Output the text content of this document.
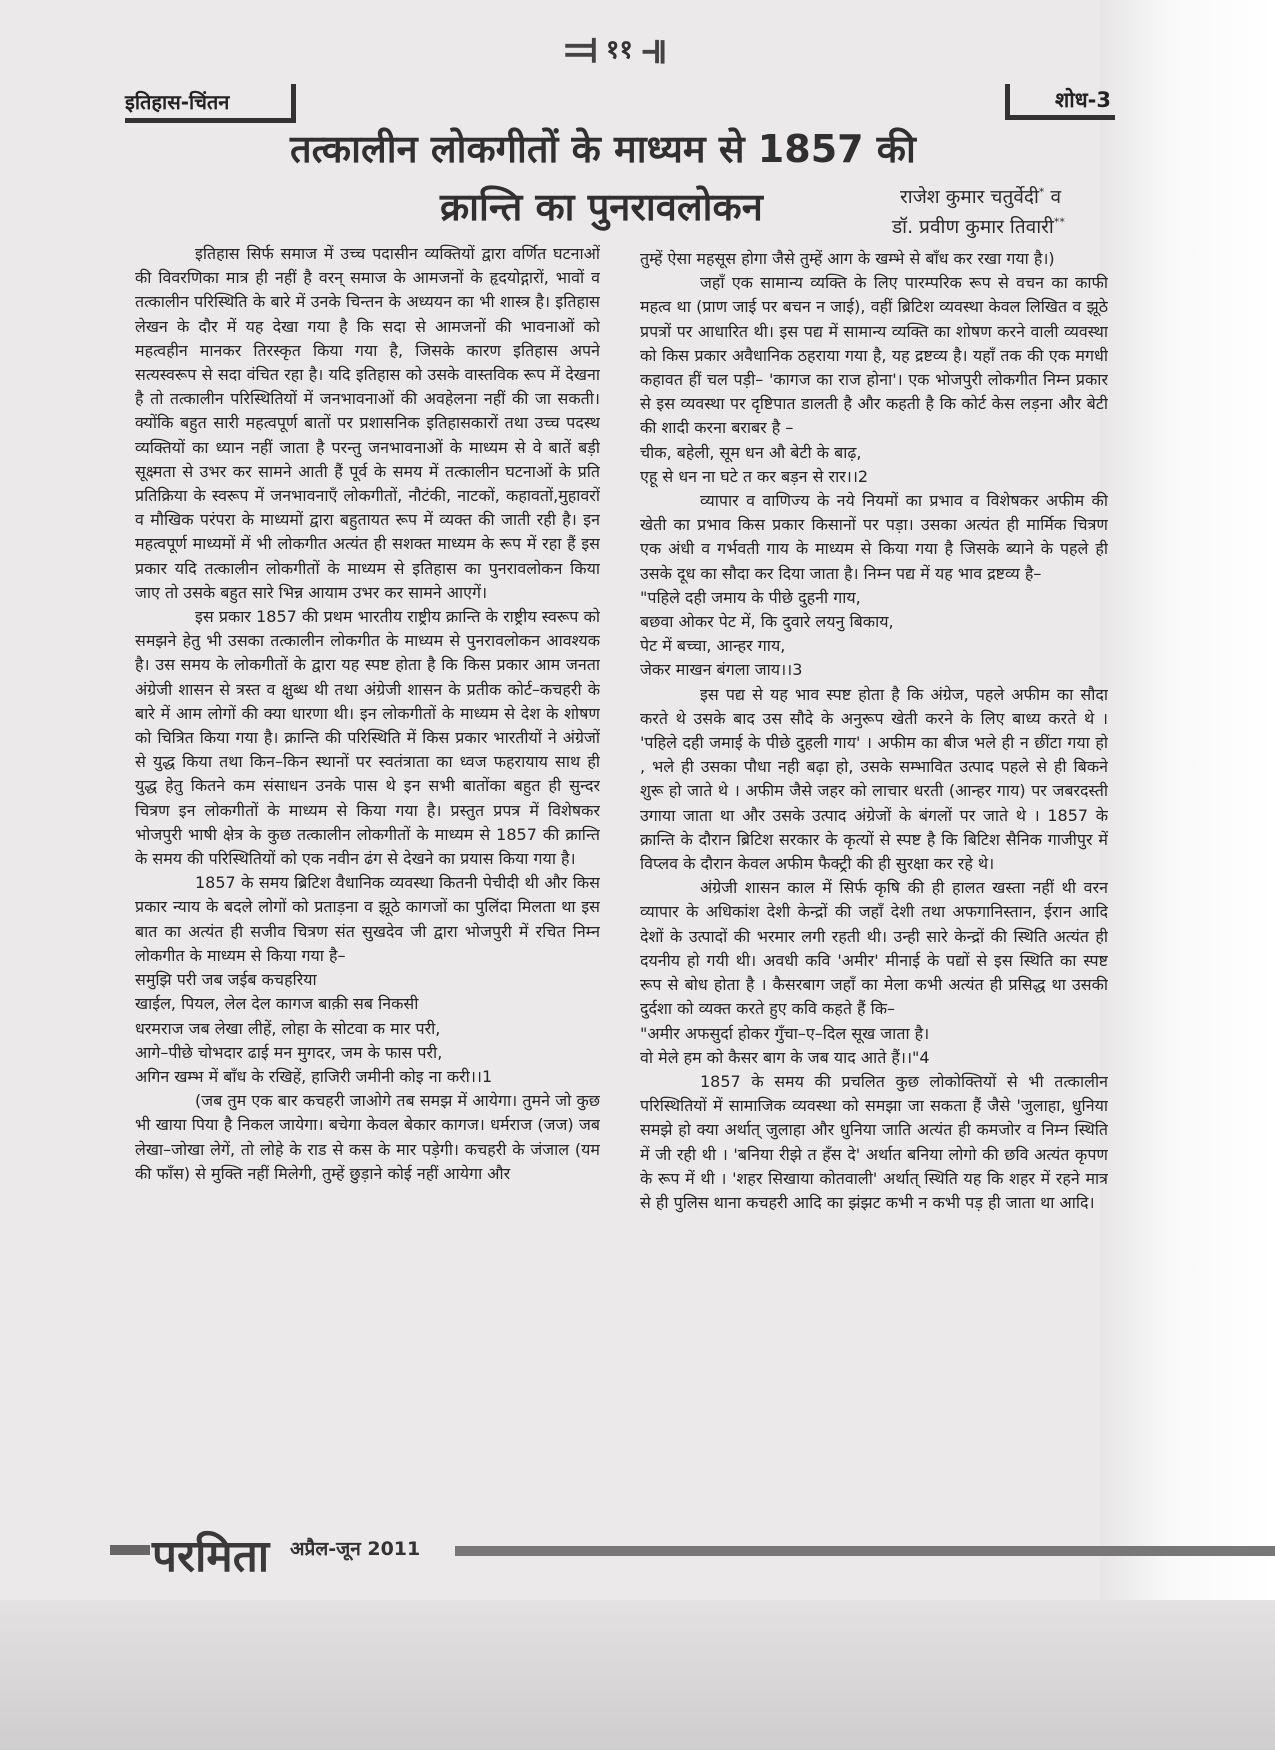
⫤ ११ ⫣
इतिहास-चिंतन	शोध-3
तत्कालीन लोकगीतों के माध्यम से 1857 की
क्रान्ति का पुनरावलोकन	राजेश कुमार चतुर्वेदी* व
डॉ. प्रवीण कुमार तिवारी**

इतिहास सिर्फ समाज में उच्च पदासीन व्यक्तियों द्वारा वर्णित घटनाओं की विवरणिका मात्र ही नहीं है वरन् समाज के आमजनों के हृदयोद्गारों, भावों व तत्कालीन परिस्थिति के बारे में उनके चिन्तन के अध्ययन का भी शास्त्र है। इतिहास लेखन के दौर में यह देखा गया है कि सदा से आमजनों की भावनाओं को महत्वहीन मानकर तिरस्कृत किया गया है, जिसके कारण इतिहास अपने सत्यस्वरूप से सदा वंचित रहा है। यदि इतिहास को उसके वास्तविक रूप में देखना है तो तत्कालीन परिस्थितियों में जनभावनाओं की अवहेलना नहीं की जा सकती। क्योंकि बहुत सारी महत्वपूर्ण बातों पर प्रशासनिक इतिहासकारों तथा उच्च पदस्थ व्यक्तियों का ध्यान नहीं जाता है परन्तु जनभावनाओं के माध्यम से वे बातें बड़ी सूक्ष्मता से उभर कर सामने आती हैं पूर्व के समय में तत्कालीन घटनाओं के प्रति प्रतिक्रिया के स्वरूप में जनभावनाएँ लोकगीतों, नौटंकी, नाटकों, कहावतों,मुहावरों व मौखिक परंपरा के माध्यमों द्वारा बहुतायत रूप में व्यक्त की जाती रही है। इन महत्वपूर्ण माध्यमों में भी लोकगीत अत्यंत ही सशक्त माध्यम के रूप में रहा हैं इस प्रकार यदि तत्कालीन लोकगीतों के माध्यम से इतिहास का पुनरावलोकन किया जाए तो उसके बहुत सारे भिन्न आयाम उभर कर सामने आएगें।

इस प्रकार 1857 की प्रथम भारतीय राष्ट्रीय क्रान्ति के राष्ट्रीय स्वरूप को समझने हेतु भी उसका तत्कालीन लोकगीत के माध्यम से पुनरावलोकन आवश्यक है। उस समय के लोकगीतों के द्वारा यह स्पष्ट होता है कि किस प्रकार आम जनता अंग्रेजी शासन से त्रस्त व क्षुब्ध थी तथा अंग्रेजी शासन के प्रतीक कोर्ट–कचहरी के बारे में आम लोगों की क्या धारणा थी। इन लोकगीतों के माध्यम से देश के शोषण को चित्रित किया गया है। क्रान्ति की परिस्थिति में किस प्रकार भारतीयों ने अंग्रेजों से युद्ध किया तथा किन–किन स्थानों पर स्वतंत्राता का ध्वज फहरायाय साथ ही युद्ध हेतु कितने कम संसाधन उनके पास थे इन सभी बातोंका बहुत ही सुन्दर चित्रण इन लोकगीतों के माध्यम से किया गया है। प्रस्तुत प्रपत्र में विशेषकर भोजपुरी भाषी क्षेत्र के कुछ तत्कालीन लोकगीतों के माध्यम से 1857 की क्रान्ति के समय की परिस्थितियों को एक नवीन ढंग से देखने का प्रयास किया गया है।

1857 के समय ब्रिटिश वैधानिक व्यवस्था कितनी पेचीदी थी और किस प्रकार न्याय के बदले लोगों को प्रताड़ना व झूठे कागजों का पुलिंदा मिलता था इस बात का अत्यंत ही सजीव चित्रण संत सुखदेव जी द्वारा भोजपुरी में रचित निम्न लोकगीत के माध्यम से किया गया है–

समुझि परी जब जईब कचहरिया
खाईल, पियल, लेल देल कागज बाक़ी सब निकसी
धरमराज जब लेखा लीहें, लोहा के सोटवा क मार परी,
आगे–पीछे चोभदार ढाई मन मुगदर, जम के फास परी,
अगिन खम्भ में बाँध के रखिहें, हाजिरी जमीनी कोइ ना करी।।1

(जब तुम एक बार कचहरी जाओगे तब समझ में आयेगा। तुमने जो कुछ भी खाया पिया है निकल जायेगा। बचेगा केवल बेकार कागज। धर्मराज (जज) जब लेखा–जोखा लेगें, तो लोहे के राड से कस के मार पड़ेगी। कचहरी के जंजाल (यम की फाँस) से मुक्ति नहीं मिलेगी, तुम्हें छुड़ाने कोई नहीं आयेगा और

तुम्हें ऐसा महसूस होगा जैसे तुम्हें आग के खम्भे से बाँध कर रखा गया है।)

जहाँ एक सामान्य व्यक्ति के लिए पारम्परिक रूप से वचन का काफी महत्व था (प्राण जाई पर बचन न जाई), वहीं ब्रिटिश व्यवस्था केवल लिखित व झूठे प्रपत्रों पर आधारित थी। इस पद्य में सामान्य व्यक्ति का शोषण करने वाली व्यवस्था को किस प्रकार अवैधानिक ठहराया गया है, यह द्रष्टव्य है। यहाँ तक की एक मगधी कहावत हीं चल पड़ी– 'कागज का राज होना'। एक भोजपुरी लोकगीत निम्न प्रकार से इस व्यवस्था पर दृष्टिपात डालती है और कहती है कि कोर्ट केस लड़ना और बेटी की शादी करना बराबर है –

चीक, बहेली, सूम धन औ बेटी के बाढ़,
एहू से धन ना घटे त कर बड़न से रार।।2

व्यापार व वाणिज्य के नये नियमों का प्रभाव व विशेषकर अफीम की खेती का प्रभाव किस प्रकार किसानों पर पड़ा। उसका अत्यंत ही मार्मिक चित्रण एक अंधी व गर्भवती गाय के माध्यम से किया गया है जिसके ब्याने के पहले ही उसके दूध का सौदा कर दिया जाता है। निम्न पद्य में यह भाव द्रष्टव्य है–

"पहिले दही जमाय के पीछे दुहनी गाय,
बछवा ओकर पेट में, कि दुवारे लयनु बिकाय,
पेट में बच्चा, आन्हर गाय,
जेकर माखन बंगला जाय।।3

इस पद्य से यह भाव स्पष्ट होता है कि अंग्रेज, पहले अफीम का सौदा करते थे उसके बाद उस सौदे के अनुरूप खेती करने के लिए बाध्य करते थे । 'पहिले दही जमाई के पीछे दुहली गाय' । अफीम का बीज भले ही न छींटा गया हो , भले ही उसका पौधा नही बढ़ा हो, उसके सम्भावित उत्पाद पहले से ही बिकने शुरू हो जाते थे । अफीम जैसे जहर को लाचार धरती (आन्हर गाय) पर जबरदस्ती उगाया जाता था और उसके उत्पाद अंग्रेजों के बंगलों पर जाते थे । 1857 के क्रान्ति के दौरान ब्रिटिश सरकार के कृत्यों से स्पष्ट है कि बिटिश सैनिक गाजीपुर में विप्लव के दौरान केवल अफीम फैक्ट्री की ही सुरक्षा कर रहे थे।

अंग्रेजी शासन काल में सिर्फ कृषि की ही हालत खस्ता नहीं थी वरन व्यापार के अधिकांश देशी केन्द्रों की जहाँ देशी तथा अफगानिस्तान, ईरान आदि देशों के उत्पादों की भरमार लगी रहती थी। उन्ही सारे केन्द्रों की स्थिति अत्यंत ही दयनीय हो गयी थी। अवधी कवि 'अमीर' मीनाई के पद्यों से इस स्थिति का स्पष्ट रूप से बोध होता है । कैसरबाग जहाँ का मेला कभी अत्यंत ही प्रसिद्ध था उसकी दुर्दशा को व्यक्त करते हुए कवि कहते हैं कि–

"अमीर अफसुर्दा होकर गुँचा–ए–दिल सूख जाता है।
वो मेले हम को कैसर बाग के जब याद आते हैं।।"4

1857 के समय की प्रचलित कुछ लोकोक्तियों से भी तत्कालीन परिस्थितियों में सामाजिक व्यवस्था को समझा जा सकता हैं जैसे 'जुलाहा, धुनिया समझे हो क्या अर्थात् जुलाहा और धुनिया जाति अत्यंत ही कमजोर व निम्न स्थिति में जी रही थी । 'बनिया रीझे त हँस दे' अर्थात बनिया लोगो की छवि अत्यंत कृपण के रूप में थी । 'शहर सिखाया कोतवाली' अर्थात् स्थिति यह कि शहर में रहने मात्र से ही पुलिस थाना कचहरी आदि का झंझट कभी न कभी पड़ ही जाता था आदि।

परमिता अप्रैल-जून 2011
